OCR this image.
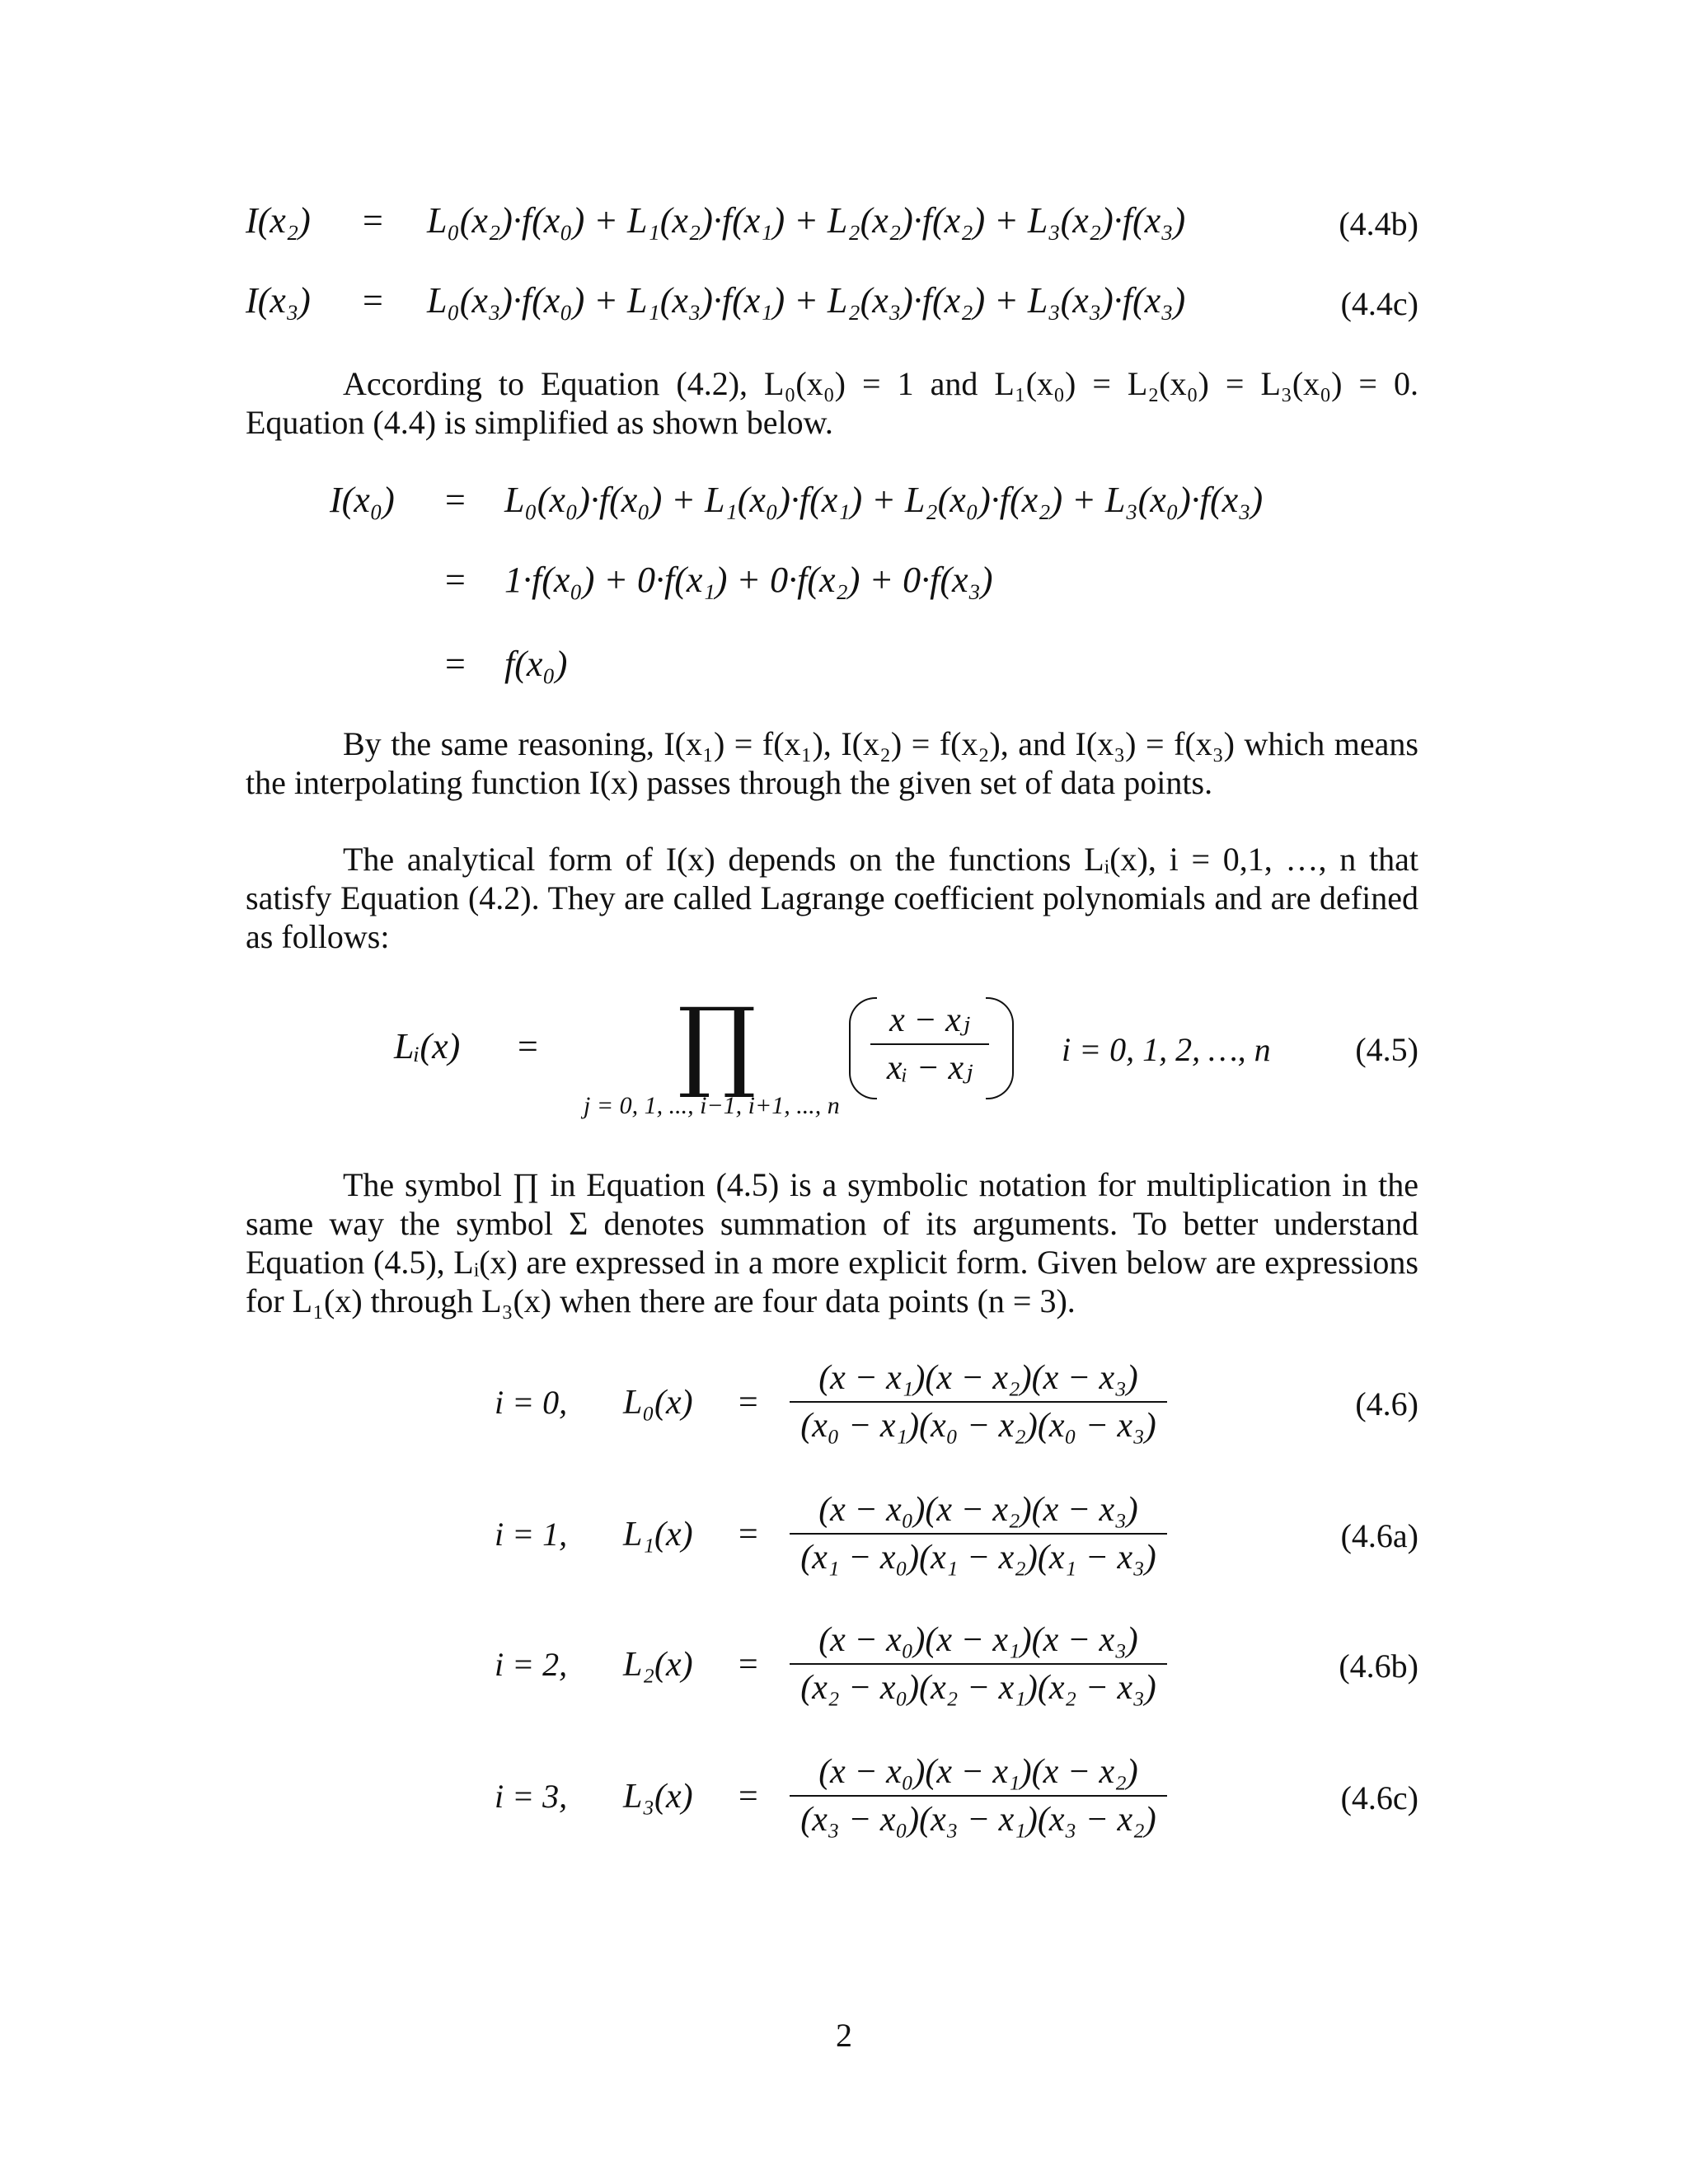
I(x₂) = L₀(x₂)·f(x₀) + L₁(x₂)·f(x₁) + L₂(x₂)·f(x₂) + L₃(x₂)·f(x₃)	(4.4b)
I(x₃) = L₀(x₃)·f(x₀) + L₁(x₃)·f(x₁) + L₂(x₃)·f(x₂) + L₃(x₃)·f(x₃)	(4.4c)

According to Equation (4.2), L₀(x₀) = 1 and L₁(x₀) = L₂(x₀) = L₃(x₀) = 0.

Equation (4.4) is simplified as shown below.

I(x₀) = L₀(x₀)·f(x₀) + L₁(x₀)·f(x₁) + L₂(x₀)·f(x₂) + L₃(x₀)·f(x₃)
= 1·f(x₀) + 0·f(x₁) + 0·f(x₂) + 0·f(x₃)
= f(x₀)

By the same reasoning, I(x₁) = f(x₁), I(x₂) = f(x₂), and I(x₃) = f(x₃) which means the interpolating function I(x) passes through the given set of data points.

The analytical form of I(x) depends on the functions Lᵢ(x), i = 0,1, …, n that satisfy Equation (4.2). They are called Lagrange coefficient polynomials and are defined as follows:

Lᵢ(x) = ∏
j = 0, 1, ..., i−1, i+1, ..., n
x − xⱼ
xᵢ − xⱼ	i = 0, 1, 2, …, n	(4.5)

The symbol ∏ in Equation (4.5) is a symbolic notation for multiplication in the same way the symbol Σ denotes summation of its arguments. To better understand Equation (4.5), Lᵢ(x) are expressed in a more explicit form. Given below are expressions for L₁(x) through L₃(x) when there are four data points (n = 3).

i = 0, L₀(x) =
(x − x₁)(x − x₂)(x − x₃)
(x₀ − x₁)(x₀ − x₂)(x₀ − x₃)
(4.6)
i = 1, L₁(x) =
(x − x₀)(x − x₂)(x − x₃)
(x₁ − x₀)(x₁ − x₂)(x₁ − x₃)
(4.6a)
i = 2, L₂(x) =
(x − x₀)(x − x₁)(x − x₃)
(x₂ − x₀)(x₂ − x₁)(x₂ − x₃)
(4.6b)
i = 3, L₃(x) =
(x − x₀)(x − x₁)(x − x₂)
(x₃ − x₀)(x₃ − x₁)(x₃ − x₂)
(4.6c)
2
